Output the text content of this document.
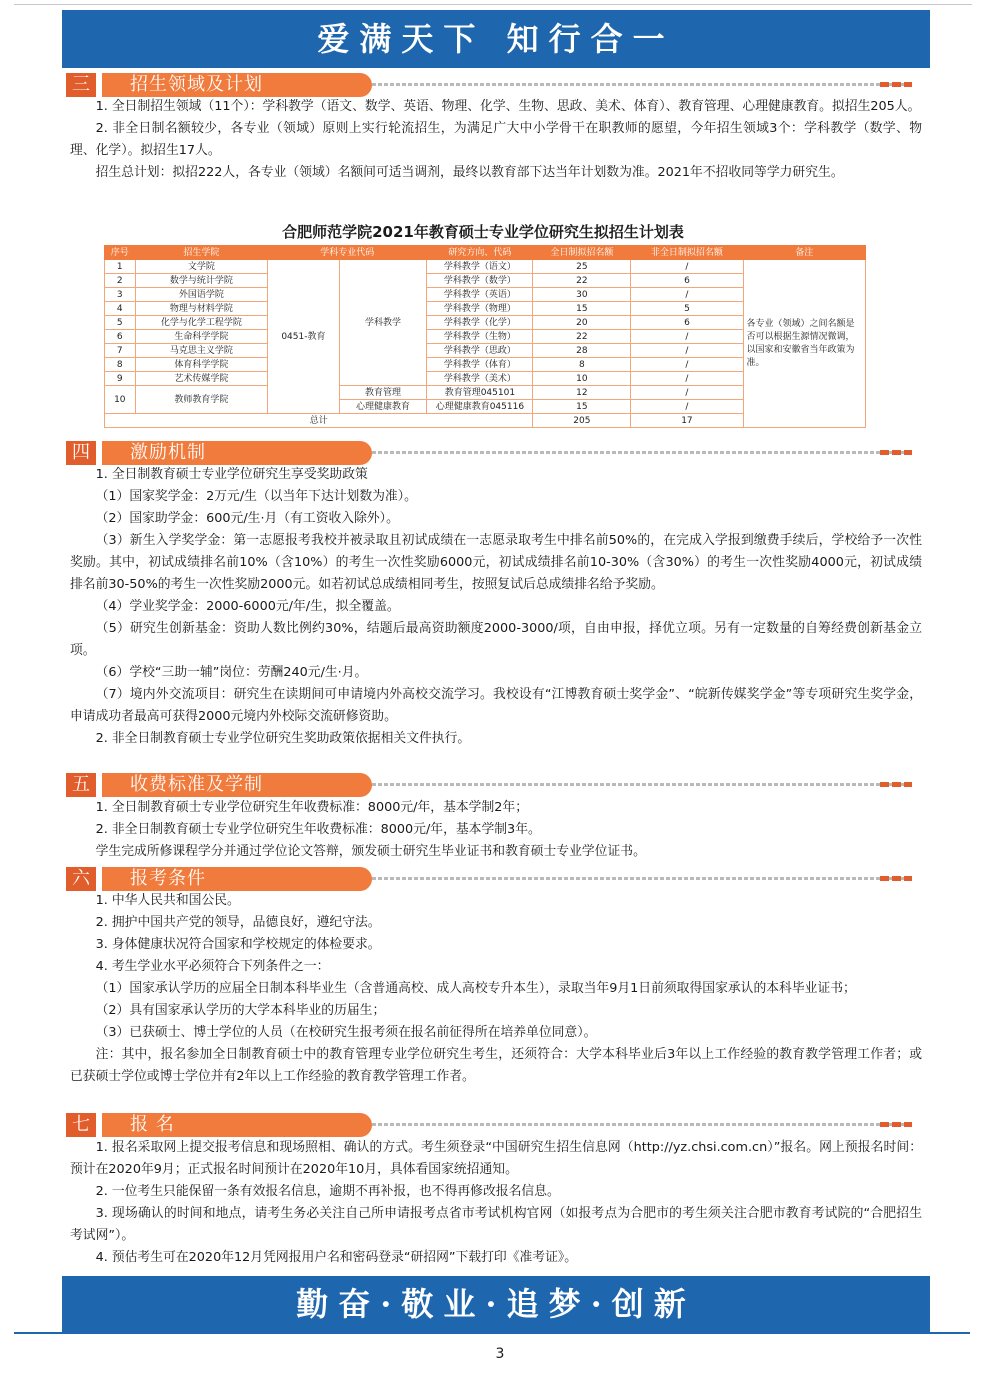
爱满天下 知行合一
三	招生领域及计划

1. 全日制招生领域（11个）：学科教学（语文、数学、英语、物理、化学、生物、思政、美术、体育）、教育管理、心理健康教育。拟招生205人。

2. 非全日制名额较少，各专业（领域）原则上实行轮流招生，为满足广大中小学骨干在职教师的愿望，今年招生领域3个：学科教学（数学、物理、化学）。拟招生17人。

招生总计划：拟招222人，各专业（领域）名额间可适当调剂，最终以教育部下达当年计划数为准。2021年不招收同等学力研究生。

合肥师范学院2021年教育硕士专业学位研究生拟招生计划表
序号	招生学院	学科专业代码		研究方向、代码	全日制拟招名额	非全日制拟招名额	备注
1	文学院	0451-教育	学科教学	学科教学（语文）	25	/	各专业（领域）之间名额是否可以根据生源情况微调，以国家和安徽省当年政策为准。
2	数学与统计学院			学科教学（数学）	22	6	
3	外国语学院			学科教学（英语）	30	/	
4	物理与材料学院			学科教学（物理）	15	5	
5	化学与化学工程学院			学科教学（化学）	20	6	
6	生命科学学院			学科教学（生物）	22	/	
7	马克思主义学院			学科教学（思政）	28	/	
8	体育科学学院			学科教学（体育）	8	/	
9	艺术传媒学院			学科教学（美术）	10	/	
10	教师教育学院		教育管理	教育管理045101	12	/	
			心理健康教育	心理健康教育045116	15	/	
总计					205	17	
四	激励机制

1. 全日制教育硕士专业学位研究生享受奖助政策

（1）国家奖学金：2万元/生（以当年下达计划数为准）。

（2）国家助学金：600元/生·月（有工资收入除外）。

（3）新生入学奖学金：第一志愿报考我校并被录取且初试成绩在一志愿录取考生中排名前50%的，在完成入学报到缴费手续后，学校给予一次性奖励。其中，初试成绩排名前10%（含10%）的考生一次性奖励6000元，初试成绩排名前10-30%（含30%）的考生一次性奖励4000元，初试成绩排名前30-50%的考生一次性奖励2000元。如若初试总成绩相同考生，按照复试后总成绩排名给予奖励。

（4）学业奖学金：2000-6000元/年/生，拟全覆盖。

（5）研究生创新基金：资助人数比例约30%，结题后最高资助额度2000-3000/项，自由申报，择优立项。另有一定数量的自筹经费创新基金立项。

（6）学校“三助一辅”岗位：劳酬240元/生·月。

（7）境内外交流项目：研究生在读期间可申请境内外高校交流学习。我校设有“江博教育硕士奖学金”、“皖新传媒奖学金”等专项研究生奖学金，申请成功者最高可获得2000元境内外校际交流研修资助。

2. 非全日制教育硕士专业学位研究生奖助政策依据相关文件执行。

五	收费标准及学制

1. 全日制教育硕士专业学位研究生年收费标准：8000元/年，基本学制2年；

2. 非全日制教育硕士专业学位研究生年收费标准：8000元/年，基本学制3年。

学生完成所修课程学分并通过学位论文答辩，颁发硕士研究生毕业证书和教育硕士专业学位证书。

六	报考条件

1. 中华人民共和国公民。

2. 拥护中国共产党的领导，品德良好，遵纪守法。

3. 身体健康状况符合国家和学校规定的体检要求。

4. 考生学业水平必须符合下列条件之一：

（1）国家承认学历的应届全日制本科毕业生（含普通高校、成人高校专升本生），录取当年9月1日前须取得国家承认的本科毕业证书；

（2）具有国家承认学历的大学本科毕业的历届生；

（3）已获硕士、博士学位的人员（在校研究生报考须在报名前征得所在培养单位同意）。

注：其中，报名参加全日制教育硕士中的教育管理专业学位研究生考生，还须符合：大学本科毕业后3年以上工作经验的教育教学管理工作者；或已获硕士学位或博士学位并有2年以上工作经验的教育教学管理工作者。

七	报 名

1. 报名采取网上提交报考信息和现场照相、确认的方式。考生须登录“中国研究生招生信息网（http://yz.chsi.com.cn）”报名。网上预报名时间：预计在2020年9月；正式报名时间预计在2020年10月，具体看国家统招通知。

2. 一位考生只能保留一条有效报名信息，逾期不再补报，也不得再修改报名信息。

3. 现场确认的时间和地点，请考生务必关注自己所申请报考点省市考试机构官网（如报考点为合肥市的考生须关注合肥市教育考试院的“合肥招生考试网”）。

4. 预估考生可在2020年12月凭网报用户名和密码登录“研招网”下载打印《准考证》。

勤奋·敬业·追梦·创新
3
